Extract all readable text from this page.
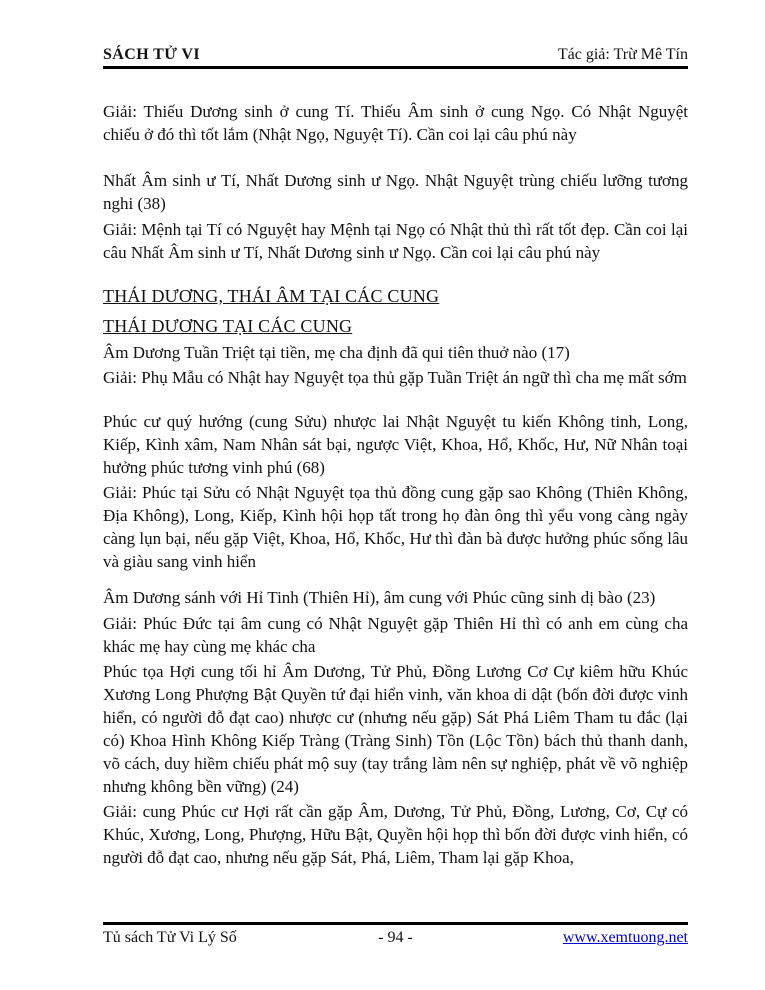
SÁCH TỬ VI	Tác giả: Trừ Mê Tín

Giải: Thiếu Dương sinh ở cung Tí. Thiếu Âm sinh ở cung Ngọ. Có Nhật Nguyệt chiếu ở đó thì tốt lắm (Nhật Ngọ, Nguyệt Tí). Cần coi lại câu phú này

Nhất Âm sinh ư Tí, Nhất Dương sinh ư Ngọ. Nhật Nguyệt trùng chiếu lưỡng tương nghi (38)

Giải: Mệnh tại Tí có Nguyệt hay Mệnh tại Ngọ có Nhật thủ thì rất tốt đẹp. Cần coi lại câu Nhất Âm sinh ư Tí, Nhất Dương sinh ư Ngọ. Cần coi lại câu phú này

THÁI DƯƠNG, THÁI ÂM TẠI CÁC CUNG
THÁI DƯƠNG TẠI CÁC CUNG

Âm Dương Tuần Triệt tại tiền, mẹ cha định đã qui tiên thuở nào (17)

Giải: Phụ Mẫu có Nhật hay Nguyệt tọa thủ gặp Tuần Triệt án ngữ thì cha mẹ mất sớm

Phúc cư quý hướng (cung Sửu) nhược lai Nhật Nguyệt tu kiến Không tinh, Long, Kiếp, Kình xâm, Nam Nhân sát bại, ngược Việt, Khoa, Hổ, Khốc, Hư, Nữ Nhân toại hưởng phúc tương vinh phú (68)

Giải: Phúc tại Sửu có Nhật Nguyệt tọa thủ đồng cung gặp sao Không (Thiên Không, Địa Không), Long, Kiếp, Kình hội họp tất trong họ đàn ông thì yểu vong càng ngày càng lụn bại, nếu gặp Việt, Khoa, Hổ, Khốc, Hư thì đàn bà được hưởng phúc sống lâu và giàu sang vinh hiển

Âm Dương sánh với Hỉ Tinh (Thiên Hỉ), âm cung với Phúc cũng sinh dị bào (23)

Giải: Phúc Đức tại âm cung có Nhật Nguyệt gặp Thiên Hỉ thì có anh em cùng cha khác mẹ hay cùng mẹ khác cha

Phúc tọa Hợi cung tối hỉ Âm Dương, Tử Phủ, Đồng Lương Cơ Cự kiêm hữu Khúc Xương Long Phượng Bật Quyền tứ đại hiển vinh, văn khoa di dật (bốn đời được vinh hiển, có người đỗ đạt cao) nhược cư (nhưng nếu gặp) Sát Phá Liêm Tham tu đắc (lại có) Khoa Hình Không Kiếp Tràng (Tràng Sinh) Tồn (Lộc Tồn) bách thủ thanh danh, võ cách, duy hiềm chiếu phát mộ suy (tay trắng làm nên sự nghiệp, phát về võ nghiệp nhưng không bền vững) (24)

Giải: cung Phúc cư Hợi rất cần gặp Âm, Dương, Tử Phủ, Đồng, Lương, Cơ, Cự có Khúc, Xương, Long, Phượng, Hữu Bật, Quyền hội họp thì bốn đời được vinh hiển, có người đỗ đạt cao, nhưng nếu gặp Sát, Phá, Liêm, Tham lại gặp Khoa,

Tủ sách Tử Vi Lý Số	- 94 -	www.xemtuong.net
